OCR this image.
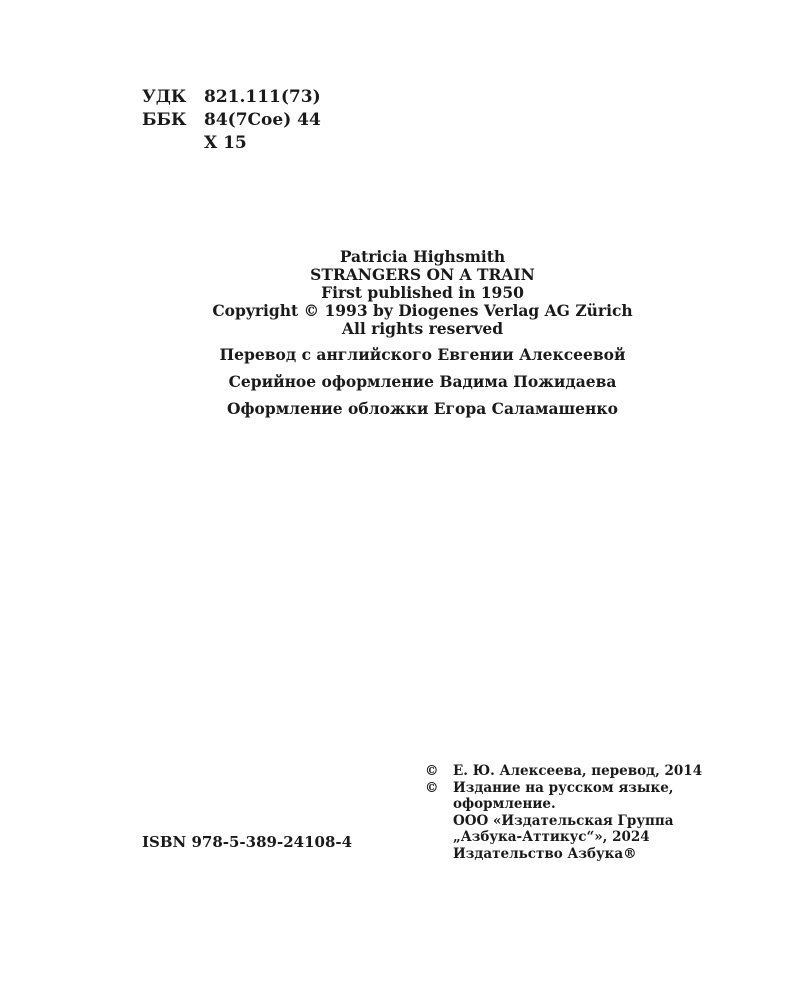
УДК	821.111(73)
ББК	84(7Сое) 44
Х 15
Patricia Highsmith
STRANGERS ON A TRAIN
First published in 1950
Copyright © 1993 by Diogenes Verlag AG Zürich
All rights reserved
Перевод с английского Евгении Алексеевой
Серийное оформление Вадима Пожидаева
Оформление обложки Егора Саламашенко
©	Е. Ю. Алексеева, перевод, 2014
©	Издание на русском языке,
оформление.
ООО «Издательская Группа
„Азбука-Аттикус“», 2024
Издательство Азбука®
ISBN 978-5-389-24108-4
